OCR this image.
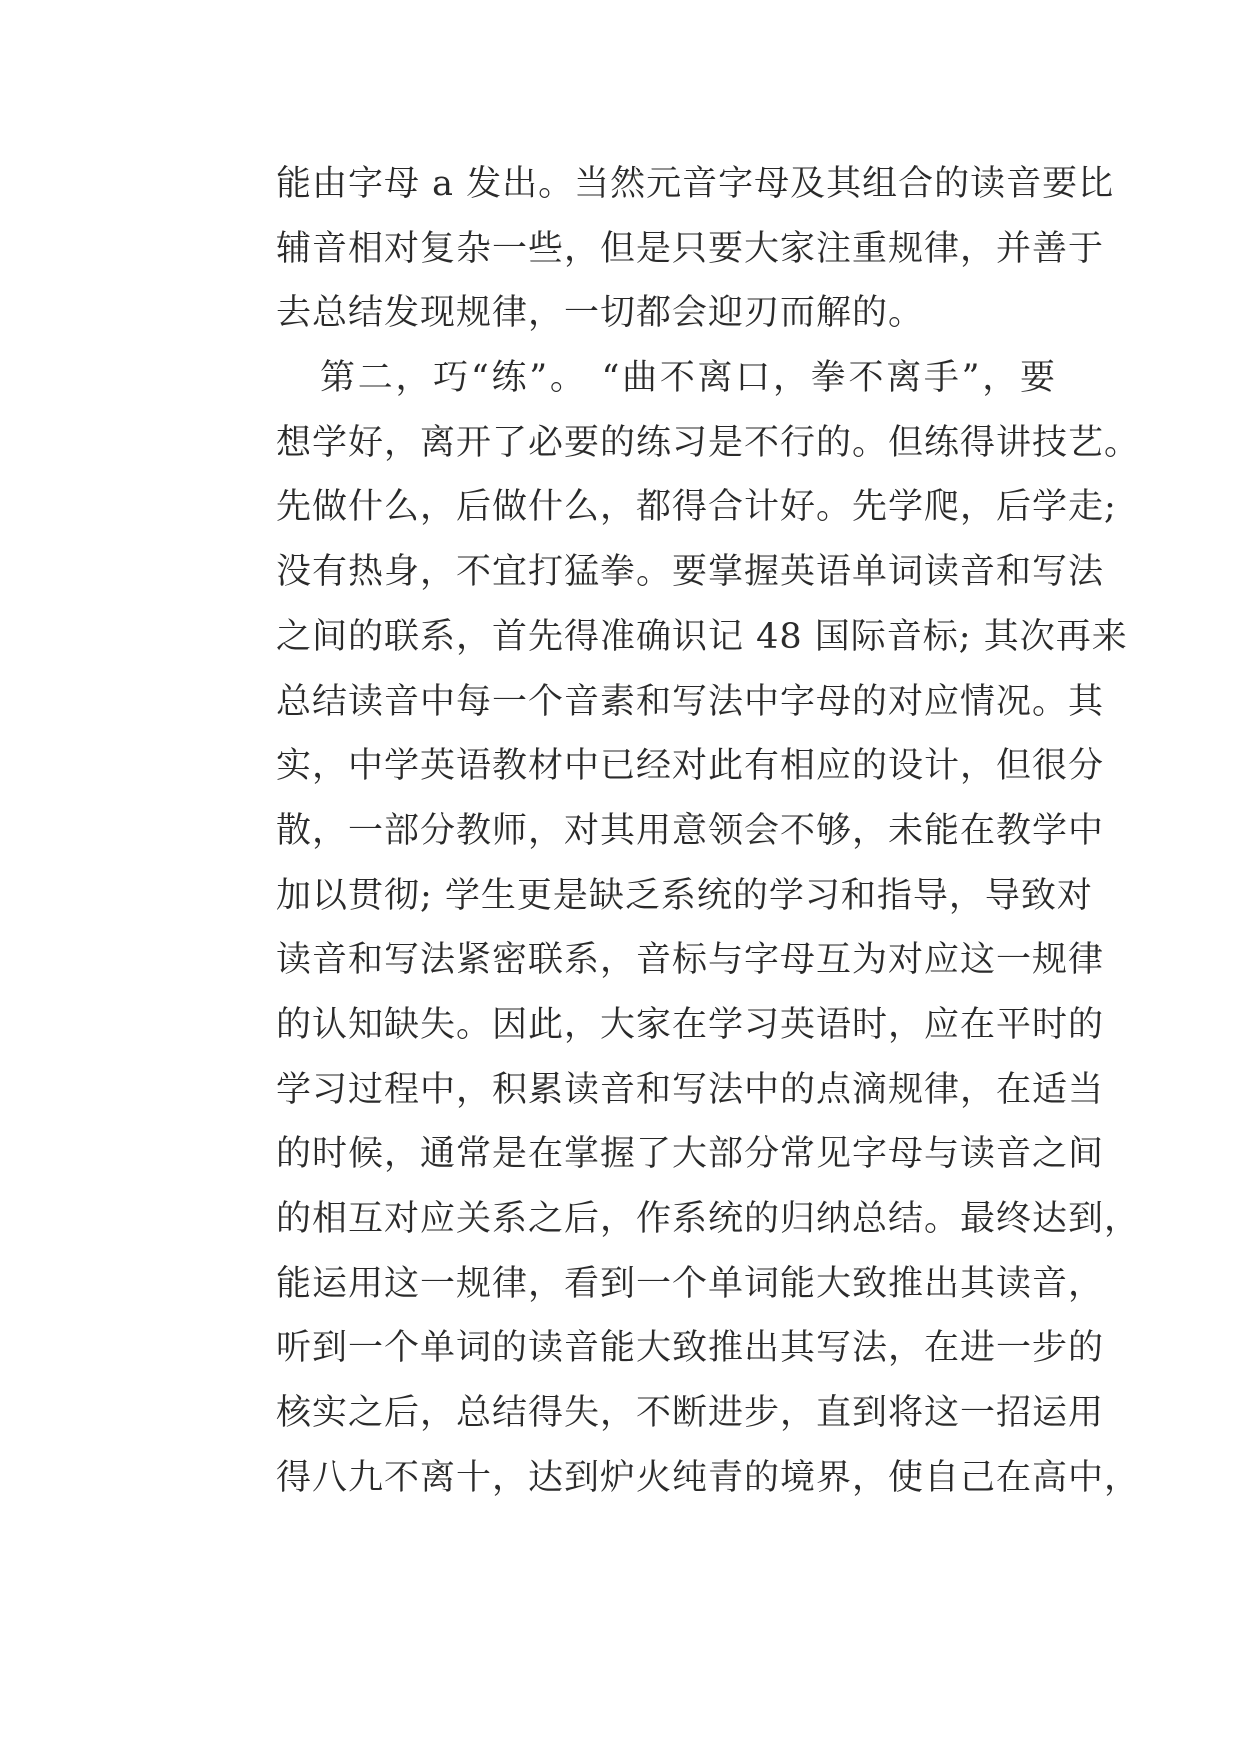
能由字母 a 发出。当然元音字母及其组合的读音要比
辅音相对复杂一些，但是只要大家注重规律，并善于
去总结发现规律，一切都会迎刃而解的。
第二，巧“练”。 “曲不离口，拳不离手”，要
想学好，离开了必要的练习是不行的。但练得讲技艺。
先做什么，后做什么，都得合计好。先学爬，后学走;
没有热身，不宜打猛拳。要掌握英语单词读音和写法
之间的联系，首先得准确识记 48 国际音标; 其次再来
总结读音中每一个音素和写法中字母的对应情况。其
实，中学英语教材中已经对此有相应的设计，但很分
散，一部分教师，对其用意领会不够，未能在教学中
加以贯彻; 学生更是缺乏系统的学习和指导，导致对
读音和写法紧密联系，音标与字母互为对应这一规律
的认知缺失。因此，大家在学习英语时，应在平时的
学习过程中，积累读音和写法中的点滴规律，在适当
的时候，通常是在掌握了大部分常见字母与读音之间
的相互对应关系之后，作系统的归纳总结。最终达到，
能运用这一规律，看到一个单词能大致推出其读音，
听到一个单词的读音能大致推出其写法，在进一步的
核实之后，总结得失，不断进步，直到将这一招运用
得八九不离十，达到炉火纯青的境界，使自己在高中，
